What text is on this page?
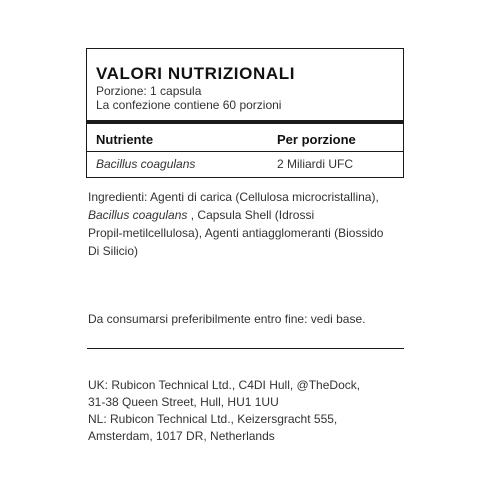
VALORI NUTRIZIONALI
Porzione: 1 capsula
La confezione contiene 60 porzioni
Nutriente	Per porzione
Bacillus coagulans	2 Miliardi UFC
Ingredienti: Agenti di carica (Cellulosa microcristallina),
Bacillus coagulans , Capsula Shell (Idrossi
Propil-metilcellulosa), Agenti antiagglomeranti (Biossido
Di Silicio)
Da consumarsi preferibilmente entro fine: vedi base.
UK: Rubicon Technical Ltd., C4DI Hull, @TheDock,
31-38 Queen Street, Hull, HU1 1UU
NL: Rubicon Technical Ltd., Keizersgracht 555,
Amsterdam, 1017 DR, Netherlands
